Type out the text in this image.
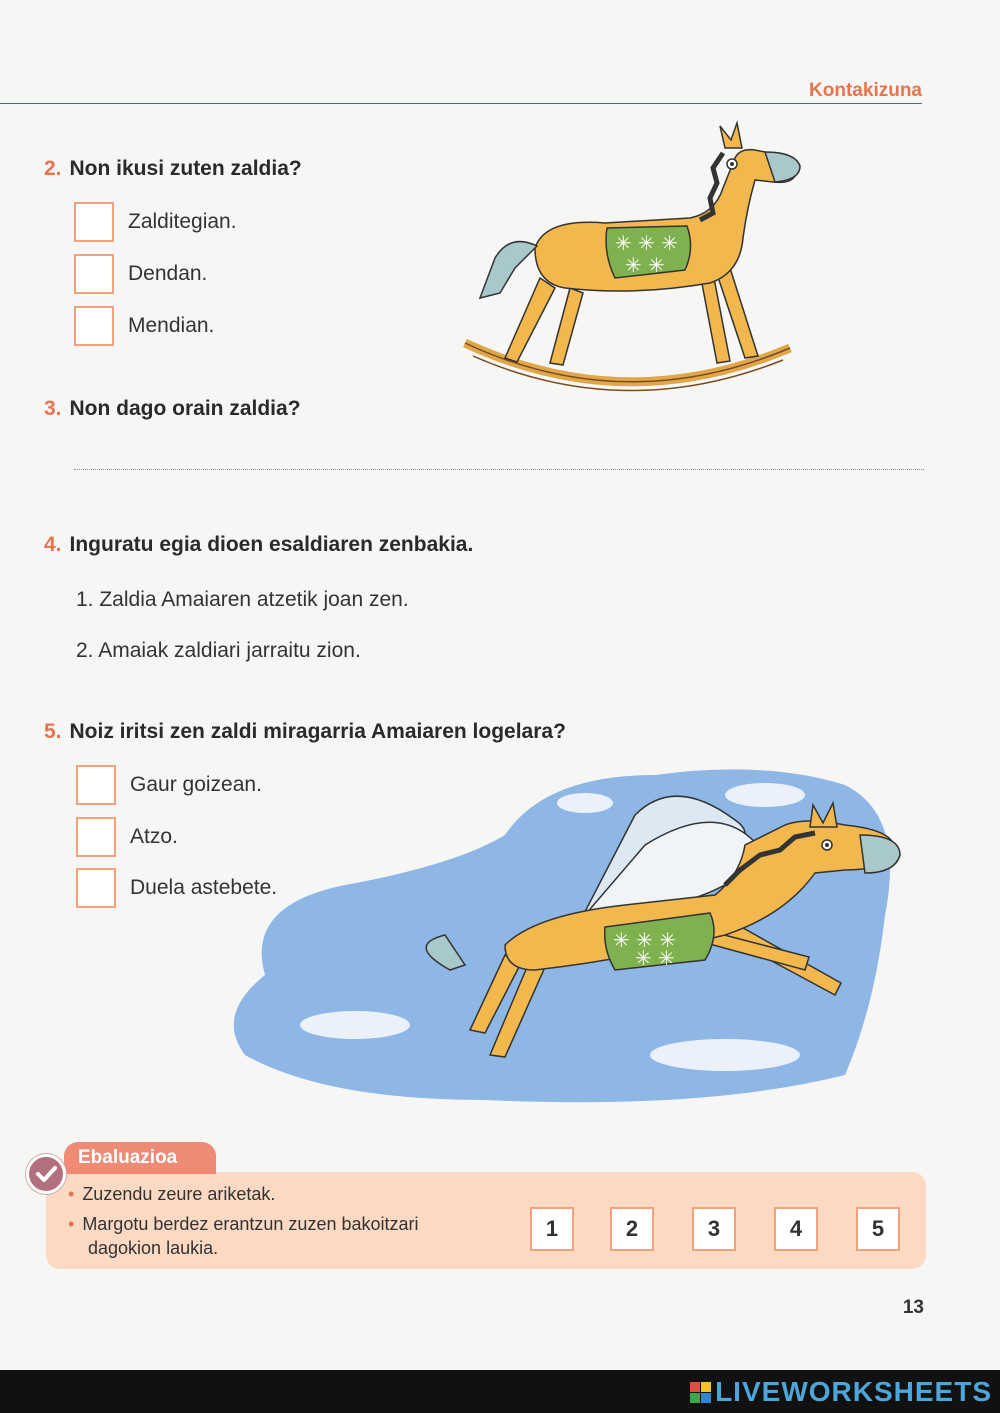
Kontakizuna
2. Non ikusi zuten zaldia?
Zalditegian.
Dendan.
Mendian.
✳ ✳ ✳
✳ ✳
3. Non dago orain zaldia?
4. Inguratu egia dioen esaldiaren zenbakia.
1. Zaldia Amaiaren atzetik joan zen.
2. Amaiak zaldiari jarraitu zion.
5. Noiz iritsi zen zaldi miragarria Amaiaren logelara?
✳ ✳ ✳
✳ ✳
Gaur goizean.
Atzo.
Duela astebete.
• Zuzendu zeure ariketak.
• Margotu berdez erantzun zuzen bakoitzari
dagokion laukia.
Ebaluazioa
1	2	3	4	5
13
LIVEWORKSHEETS
